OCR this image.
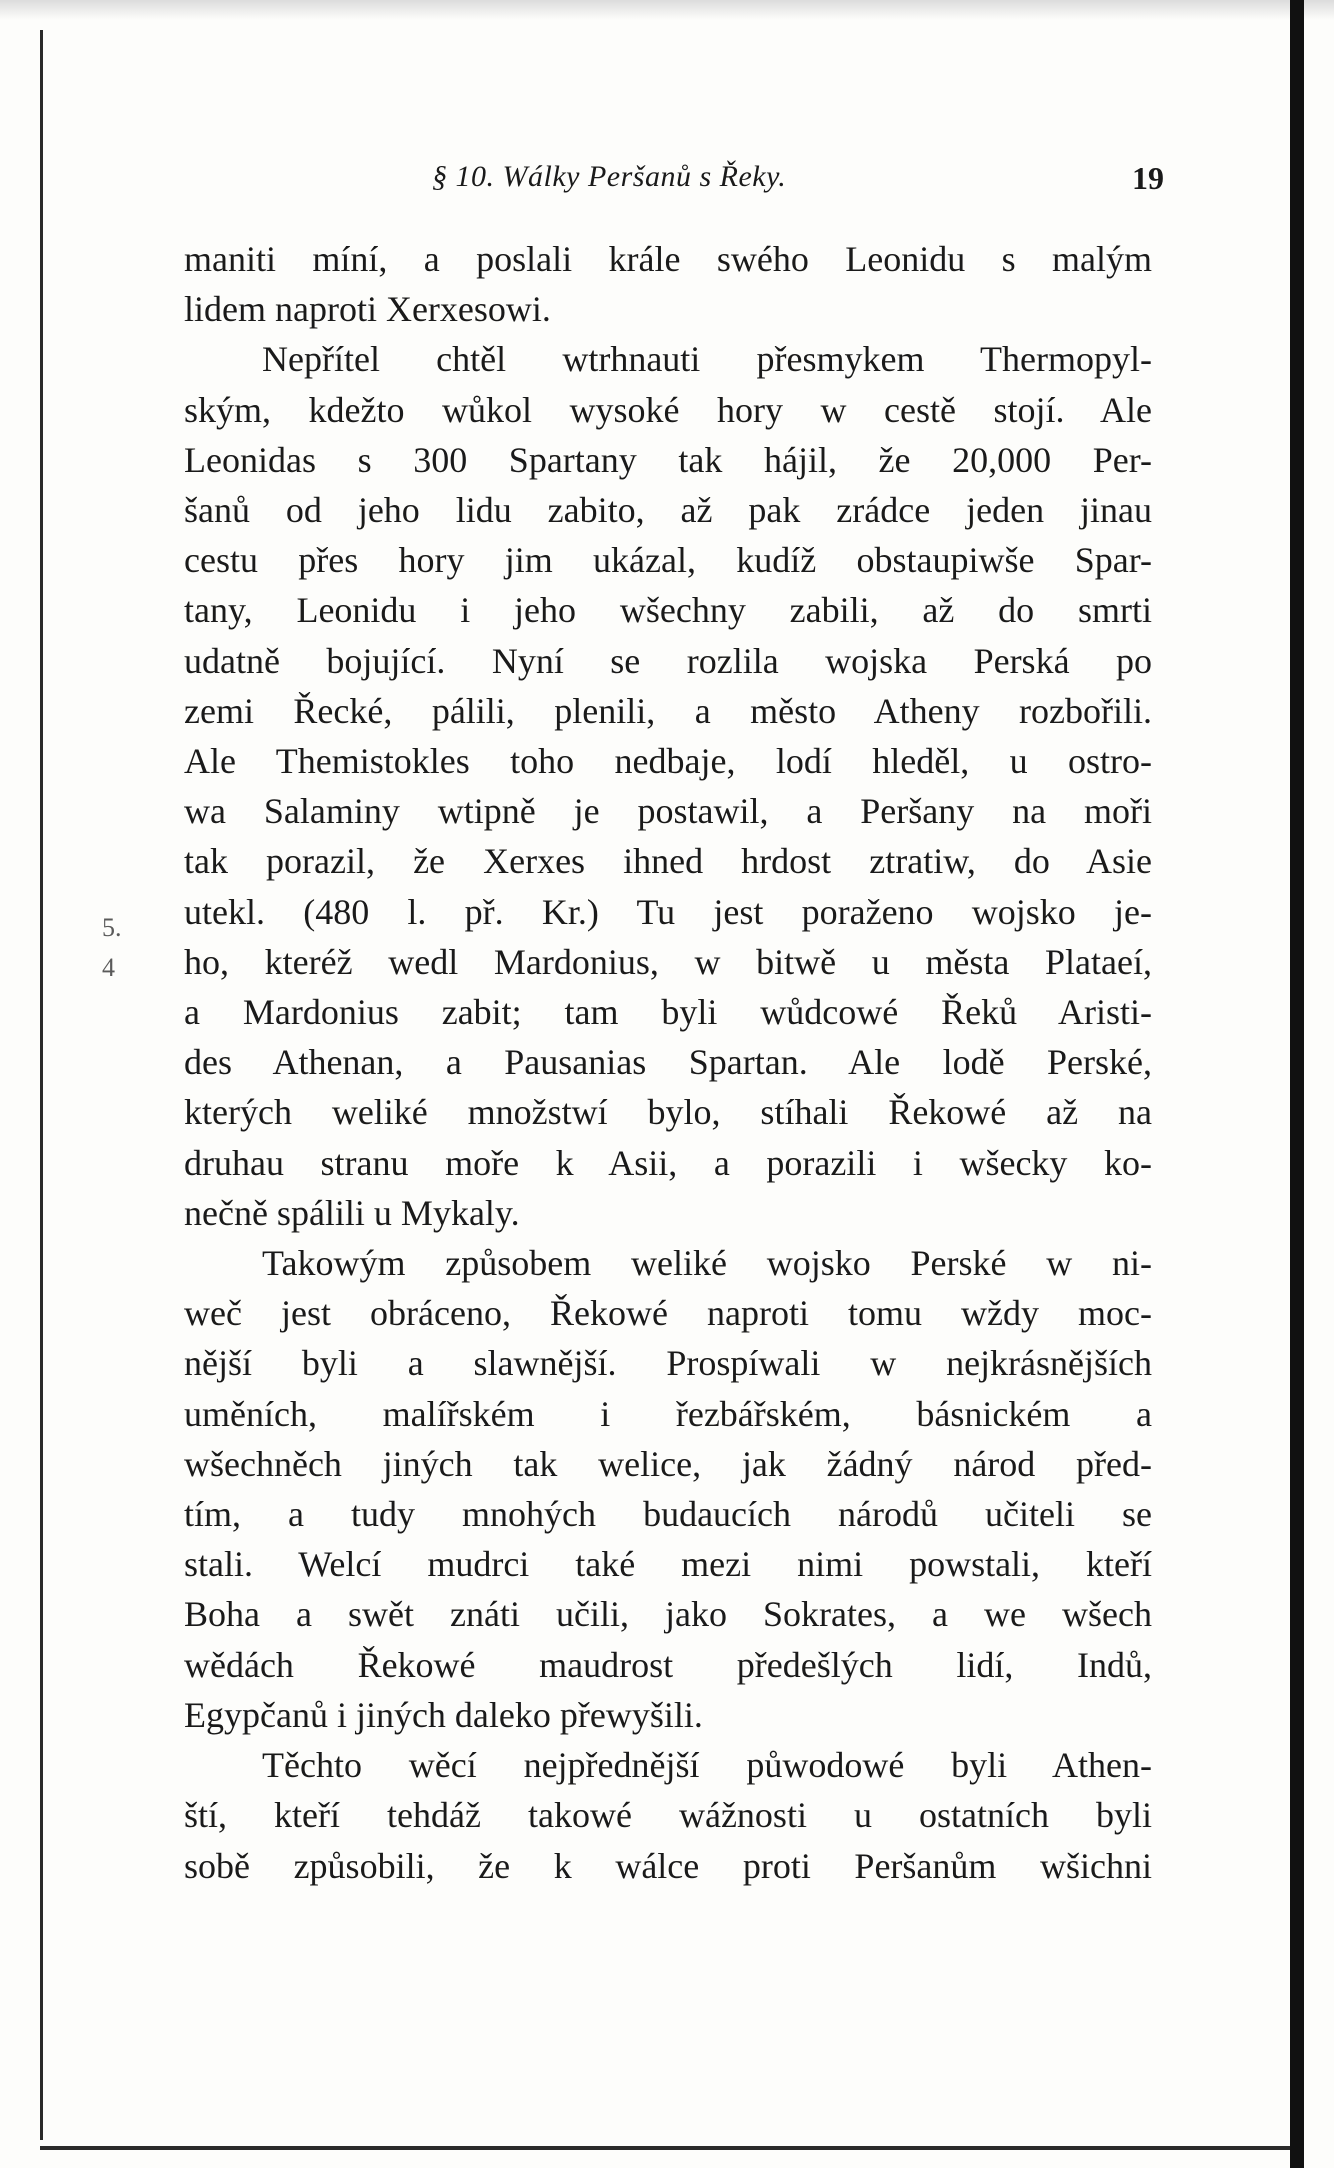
§ 10. Wálky Peršanů s Řeky.	19
5.
4

maniti míní, a poslali krále swého Leonidu s malým
lidem naproti Xerxesowi.

Nepřítel chtěl wtrhnauti přesmykem Thermopyl-
ským, kdežto wůkol wysoké hory w cestě stojí. Ale
Leonidas s 300 Spartany tak hájil, že 20,000 Per-
šanů od jeho lidu zabito, až pak zrádce jeden jinau
cestu přes hory jim ukázal, kudíž obstaupiwše Spar-
tany, Leonidu i jeho wšechny zabili, až do smrti
udatně bojující. Nyní se rozlila wojska Perská po
zemi Řecké, pálili, plenili, a město Atheny rozbořili.
Ale Themistokles toho nedbaje, lodí hleděl, u ostro-
wa Salaminy wtipně je postawil, a Peršany na moři
tak porazil, že Xerxes ihned hrdost ztratiw, do Asie
utekl. (480 l. př. Kr.) Tu jest poraženo wojsko je-
ho, kteréž wedl Mardonius, w bitwě u města Plataeí,
a Mardonius zabit; tam byli wůdcowé Řeků Aristi-
des Athenan, a Pausanias Spartan. Ale lodě Perské,
kterých weliké množstwí bylo, stíhali Řekowé až na
druhau stranu moře k Asii, a porazili i wšecky ko-
nečně spálili u Mykaly.

Takowým způsobem weliké wojsko Perské w ni-
weč jest obráceno, Řekowé naproti tomu wždy moc-
nější byli a slawnější. Prospíwali w nejkrásnějších
uměních, malířském i řezbářském, básnickém a
wšechněch jiných tak welice, jak žádný národ před-
tím, a tudy mnohých budaucích národů učiteli se
stali. Welcí mudrci také mezi nimi powstali, kteří
Boha a swět znáti učili, jako Sokrates, a we wšech
wědách Řekowé maudrost předešlých lidí, Indů,
Egypčanů i jiných daleko přewyšili.

Těchto wěcí nejpřednější půwodowé byli Athen-
ští, kteří tehdáž takowé wážnosti u ostatních byli
sobě způsobili, že k wálce proti Peršanům wšichni
